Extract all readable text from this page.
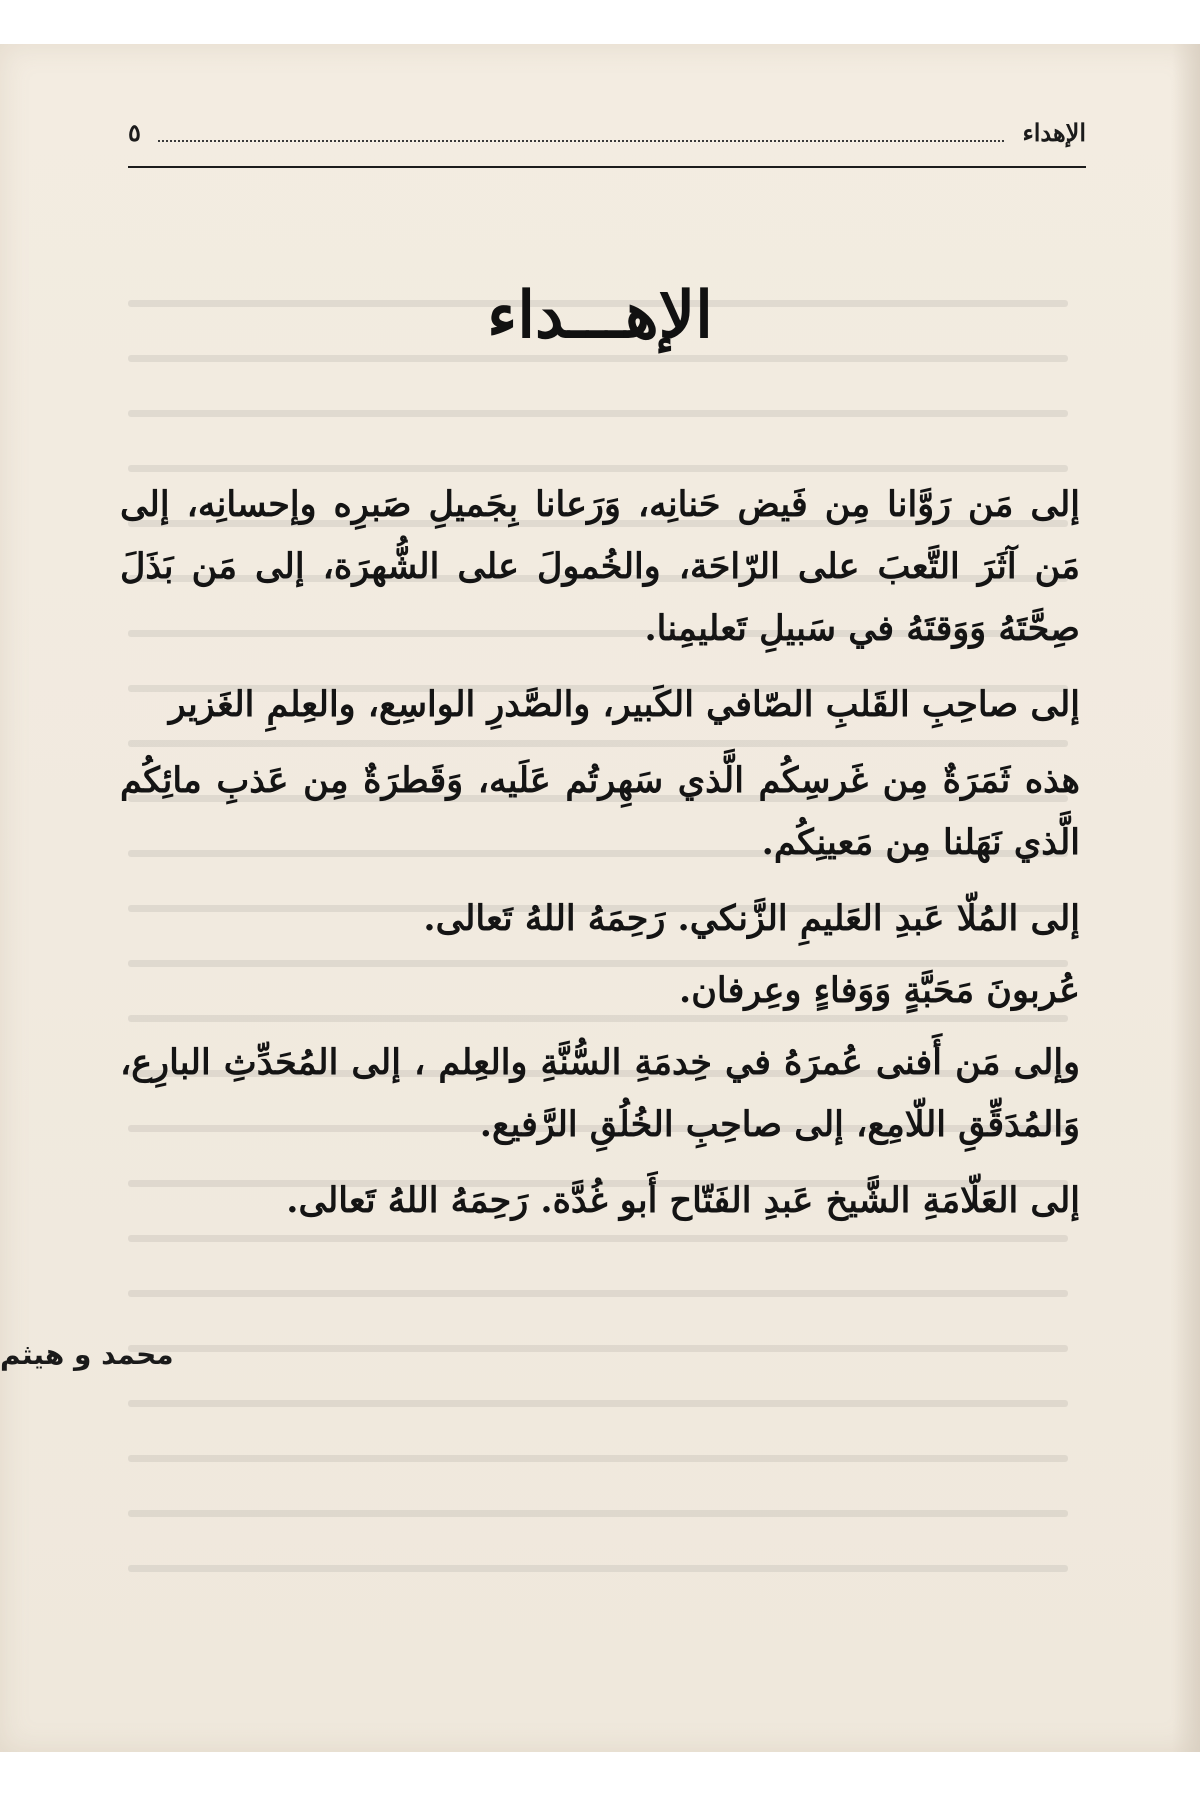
الإهداء
٥
الإهـــداء

إلى مَن رَوَّانا مِن فَيض حَنانِه، وَرَعانا بِجَميلِ صَبرِه وإحسانِه، إلى مَن آثَرَ التَّعبَ على الرّاحَة، والخُمولَ على الشُّهرَة، إلى مَن بَذَلَ صِحَّتَهُ وَوَقتَهُ في سَبيلِ تَعليمِنا.

إلى صاحِبِ القَلبِ الصّافي الكَبير، والصَّدرِ الواسِع، والعِلمِ الغَزير

هذه ثَمَرَةٌ مِن غَرسِكُم الَّذي سَهِرتُم عَلَيه، وَقَطرَةٌ مِن عَذبِ مائِكُم الَّذي نَهَلنا مِن مَعينِكُم.

إلى المُلّا عَبدِ العَليمِ الزَّنكي. رَحِمَهُ اللهُ تَعالى.

عُربونَ مَحَبَّةٍ وَوَفاءٍ وعِرفان.

وإلى مَن أَفنى عُمرَهُ في خِدمَةِ السُّنَّةِ والعِلم ، إلى المُحَدِّثِ البارِع، وَالمُدَقِّقِ اللّامِع، إلى صاحِبِ الخُلُقِ الرَّفيع.

إلى العَلّامَةِ الشَّيخ عَبدِ الفَتّاح أَبو غُدَّة. رَحِمَهُ اللهُ تَعالى.

محمد و هيثم
